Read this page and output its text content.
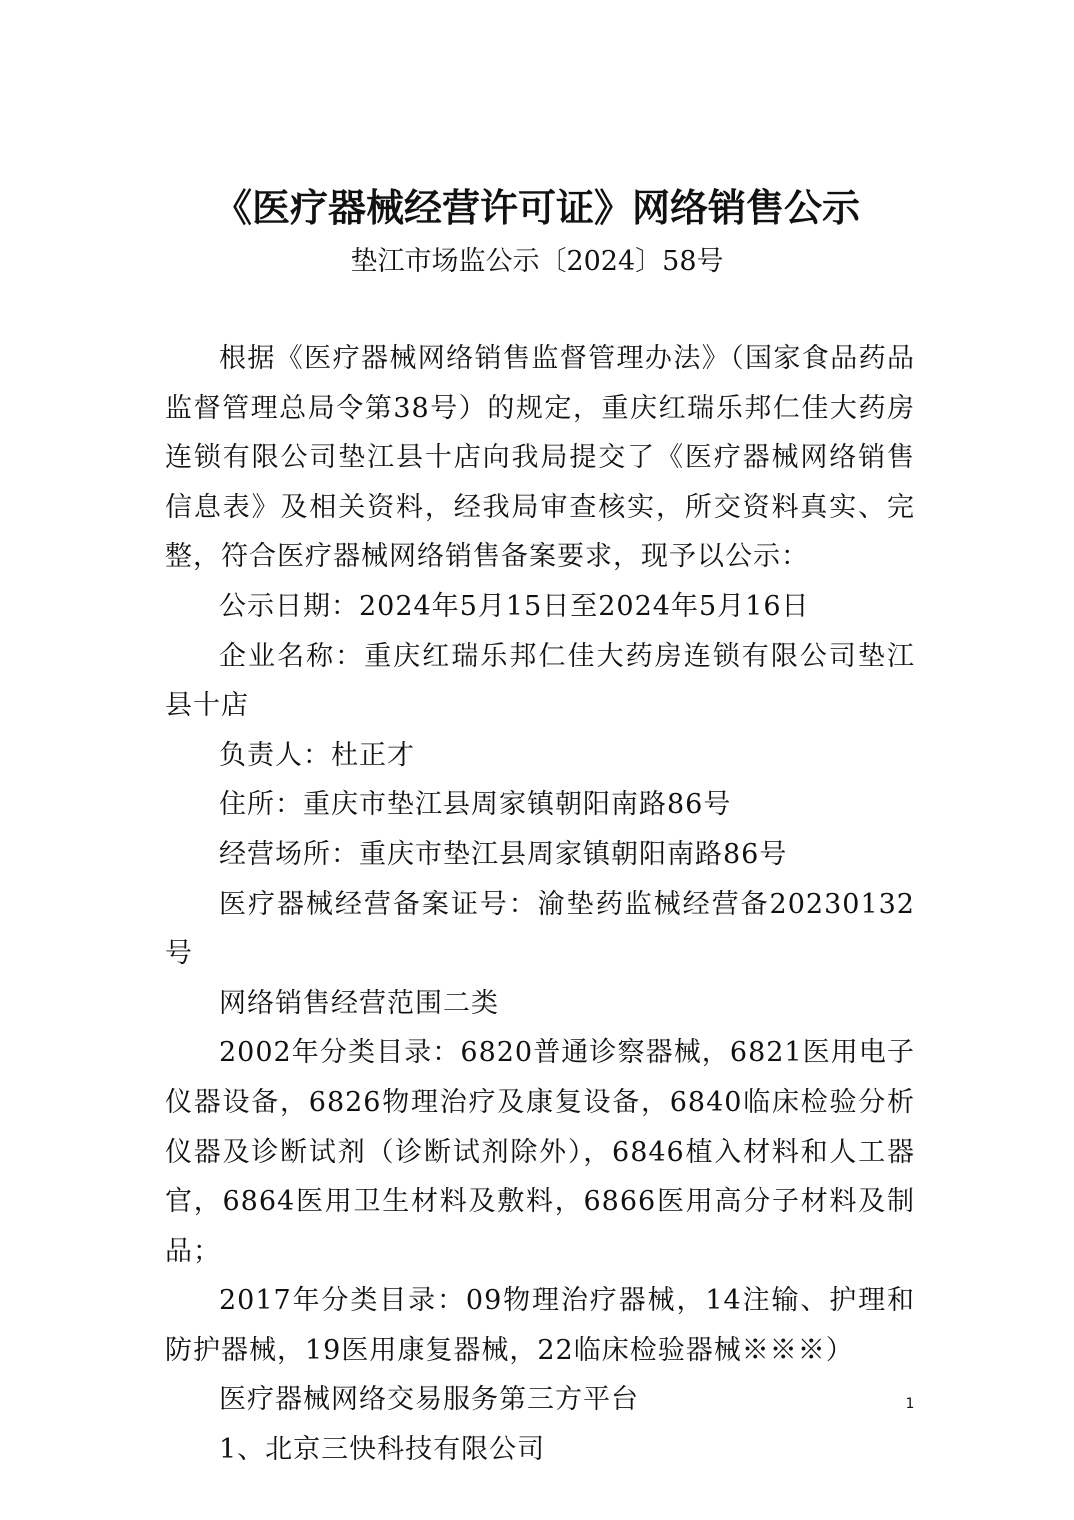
《医疗器械经营许可证》网络销售公示
垫江市场监公示〔2024〕58号

根据《医疗器械网络销售监督管理办法》（国家食品药品监督管理总局令第38号）的规定，重庆红瑞乐邦仁佳大药房连锁有限公司垫江县十店向我局提交了《医疗器械网络销售信息表》及相关资料，经我局审查核实，所交资料真实、完整，符合医疗器械网络销售备案要求，现予以公示：

公示日期：2024年5月15日至2024年5月16日

企业名称：重庆红瑞乐邦仁佳大药房连锁有限公司垫江县十店

负责人：杜正才

住所：重庆市垫江县周家镇朝阳南路86号

经营场所：重庆市垫江县周家镇朝阳南路86号

医疗器械经营备案证号：渝垫药监械经营备20230132号

网络销售经营范围二类

2002年分类目录：6820普通诊察器械，6821医用电子仪器设备，6826物理治疗及康复设备，6840临床检验分析仪器及诊断试剂（诊断试剂除外），6846植入材料和人工器官，6864医用卫生材料及敷料，6866医用高分子材料及制品；

2017年分类目录：09物理治疗器械，14注输、护理和防护器械，19医用康复器械，22临床检验器械※※※）

医疗器械网络交易服务第三方平台

1、北京三快科技有限公司

1
